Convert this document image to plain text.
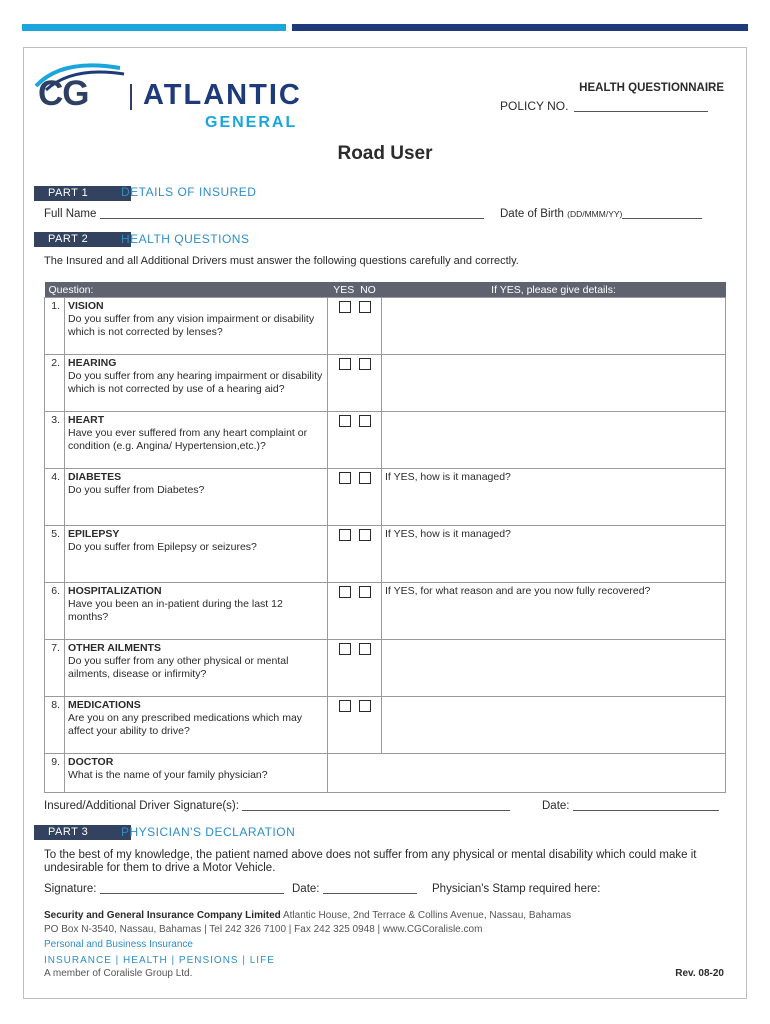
CG ATLANTIC
GENERAL
HEALTH QUESTIONNAIRE
POLICY NO.
Road User
PART 1	DETAILS OF INSURED
Full Name	Date of Birth (DD/MMM/YY)
PART 2	HEALTH QUESTIONS
The Insured and all Additional Drivers must answer the following questions carefully and correctly.
Question:		YES NO	If YES, please give details:
1.	VISION
Do you suffer from any vision impairment or disability which is not corrected by lenses?		

2.	HEARING
Do you suffer from any hearing impairment or disability which is not corrected by use of a hearing aid?		

3.	HEART
Have you ever suffered from any heart complaint or condition (e.g. Angina/ Hypertension,etc.)?		

4.	DIABETES
Do you suffer from Diabetes?		If YES, how is it managed?
5.	EPILEPSY
Do you suffer from Epilepsy or seizures?		If YES, how is it managed?
6.	HOSPITALIZATION
Have you been an in-patient during the last 12 months?		If YES, for what reason and are you now fully recovered?
7.	OTHER AILMENTS
Do you suffer from any other physical or mental ailments, disease or infirmity?		

8.	MEDICATIONS
Are you on any prescribed medications which may affect your ability to drive?		

9.	DOCTOR
What is the name of your family physician?		

Insured/Additional Driver Signature(s):	Date:
PART 3	PHYSICIAN'S DECLARATION
To the best of my knowledge, the patient named above does not suffer from any physical or mental disability which could make it undesirable for them to drive a Motor Vehicle.
Signature:	Date:	Physician's Stamp required here:
Security and General Insurance Company Limited Atlantic House, 2nd Terrace & Collins Avenue, Nassau, Bahamas
PO Box N-3540, Nassau, Bahamas | Tel 242 326 7100 | Fax 242 325 0948 | www.CGCoralisle.com
Personal and Business Insurance
INSURANCE | HEALTH | PENSIONS | LIFE
A member of Coralisle Group Ltd.	Rev. 08-20
